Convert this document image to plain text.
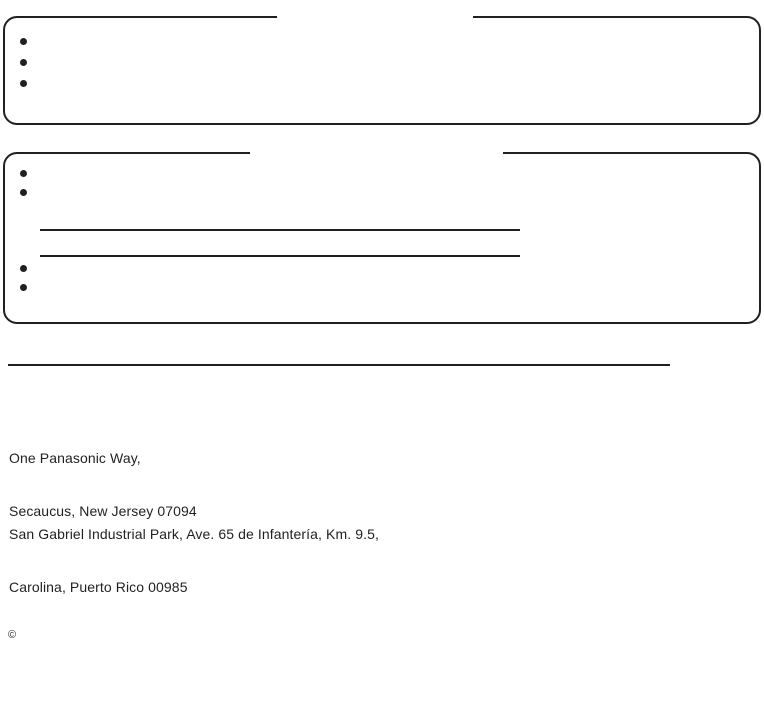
One Panasonic Way,

Secaucus, New Jersey 07094

San Gabriel Industrial Park, Ave. 65 de Infantería, Km. 9.5,

Carolina, Puerto Rico 00985

©
